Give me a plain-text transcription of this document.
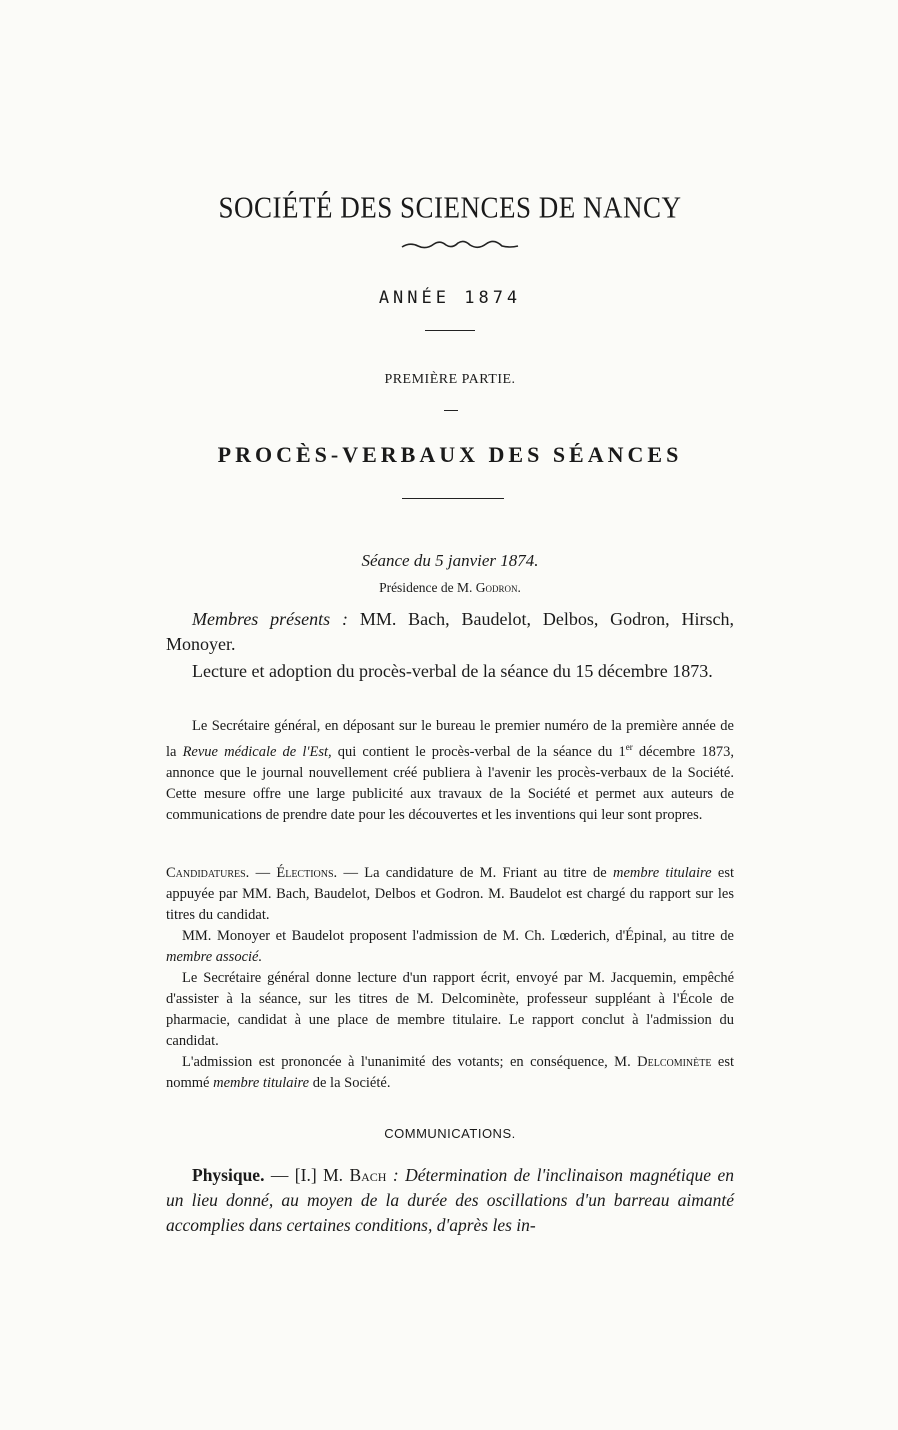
SOCIÉTÉ DES SCIENCES DE NANCY
ANNÉE 1874
PREMIÈRE PARTIE.
PROCÈS-VERBAUX DES SÉANCES
Séance du 5 janvier 1874.
Présidence de M. Godron.
Membres présents : MM. Bach, Baudelot, Delbos, Godron, Hirsch, Monoyer.
Lecture et adoption du procès-verbal de la séance du 15 décembre 1873.
Le Secrétaire général, en déposant sur le bureau le premier numéro de la première année de la Revue médicale de l'Est, qui contient le procès-verbal de la séance du 1er décembre 1873, annonce que le journal nouvellement créé publiera à l'avenir les procès-verbaux de la Société. Cette mesure offre une large publicité aux travaux de la Société et permet aux auteurs de communications de prendre date pour les découvertes et les inventions qui leur sont propres.
Candidatures. — Élections. — La candidature de M. Friant au titre de membre titulaire est appuyée par MM. Bach, Baudelot, Delbos et Godron. M. Baudelot est chargé du rapport sur les titres du candidat.
MM. Monoyer et Baudelot proposent l'admission de M. Ch. Lœderich, d'Épinal, au titre de membre associé.
Le Secrétaire général donne lecture d'un rapport écrit, envoyé par M. Jacquemin, empêché d'assister à la séance, sur les titres de M. Delcominète, professeur suppléant à l'École de pharmacie, candidat à une place de membre titulaire. Le rapport conclut à l'admission du candidat.
L'admission est prononcée à l'unanimité des votants; en conséquence, M. Delcominète est nommé membre titulaire de la Société.
COMMUNICATIONS.
Physique. — [I.] M. Bach : Détermination de l'inclinaison magnétique en un lieu donné, au moyen de la durée des oscillations d'un barreau aimanté accomplies dans certaines conditions, d'après les in-
